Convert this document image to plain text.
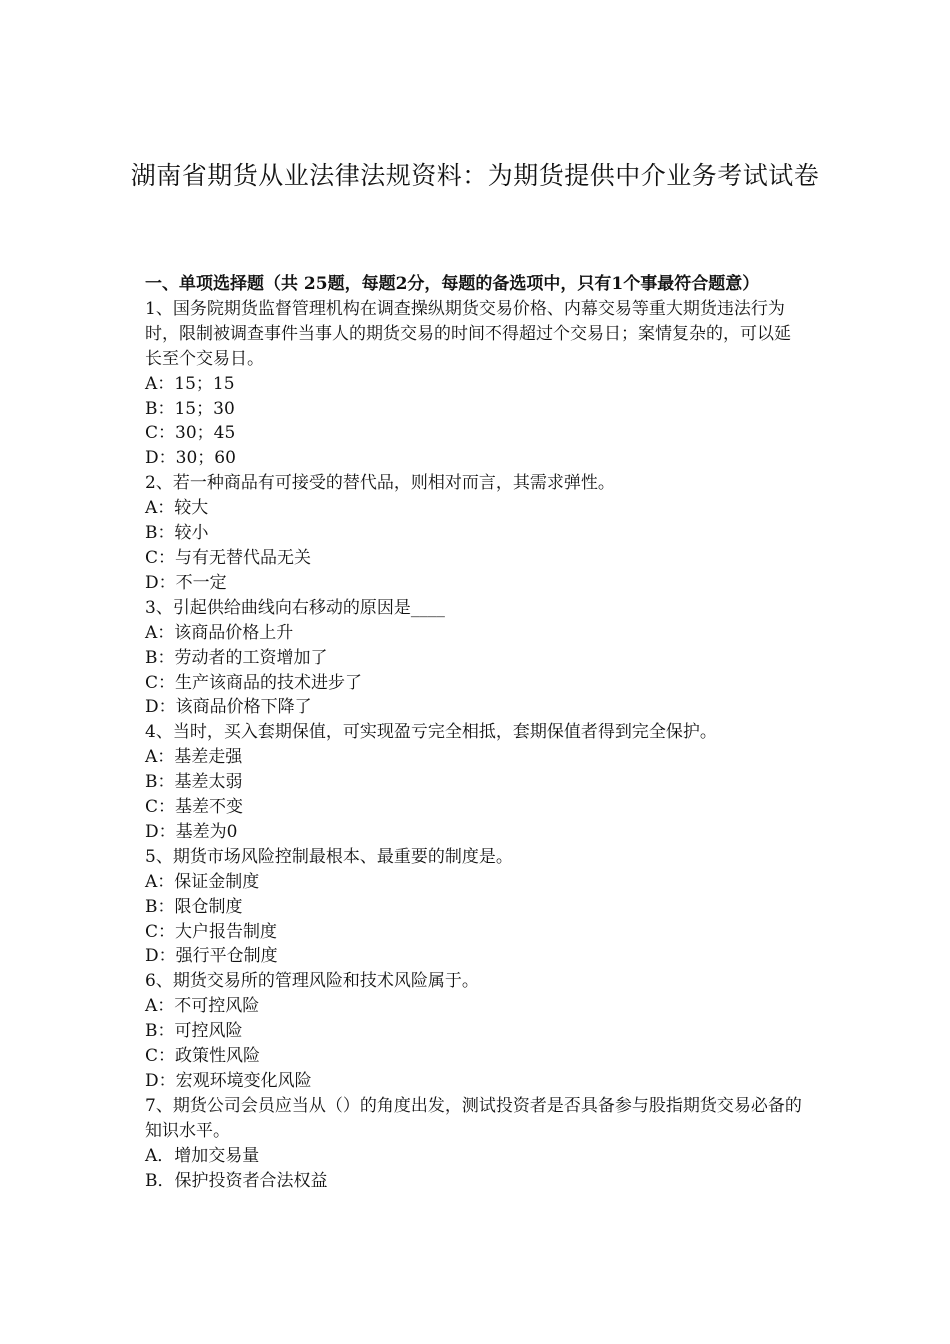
湖南省期货从业法律法规资料：为期货提供中介业务考试试卷

一、单项选择题（共 25题，每题2分，每题的备选项中，只有1个事最符合题意）

1、国务院期货监督管理机构在调查操纵期货交易价格、内幕交易等重大期货违法行为时，限制被调查事件当事人的期货交易的时间不得超过个交易日；案情复杂的，可以延长至个交易日。

A：15；15

B：15；30

C：30；45

D：30；60

2、若一种商品有可接受的替代品，则相对而言，其需求弹性。

A：较大

B：较小

C：与有无替代品无关

D：不一定

3、引起供给曲线向右移动的原因是____

A：该商品价格上升

B：劳动者的工资增加了

C：生产该商品的技术进步了

D：该商品价格下降了

4、当时，买入套期保值，可实现盈亏完全相抵，套期保值者得到完全保护。

A：基差走强

B：基差太弱

C：基差不变

D：基差为0

5、期货市场风险控制最根本、最重要的制度是。

A：保证金制度

B：限仓制度

C：大户报告制度

D：强行平仓制度

6、期货交易所的管理风险和技术风险属于。

A：不可控风险

B：可控风险

C：政策性风险

D：宏观环境变化风险

7、期货公司会员应当从（）的角度出发，测试投资者是否具备参与股指期货交易必备的知识水平。

A．增加交易量

B．保护投资者合法权益
